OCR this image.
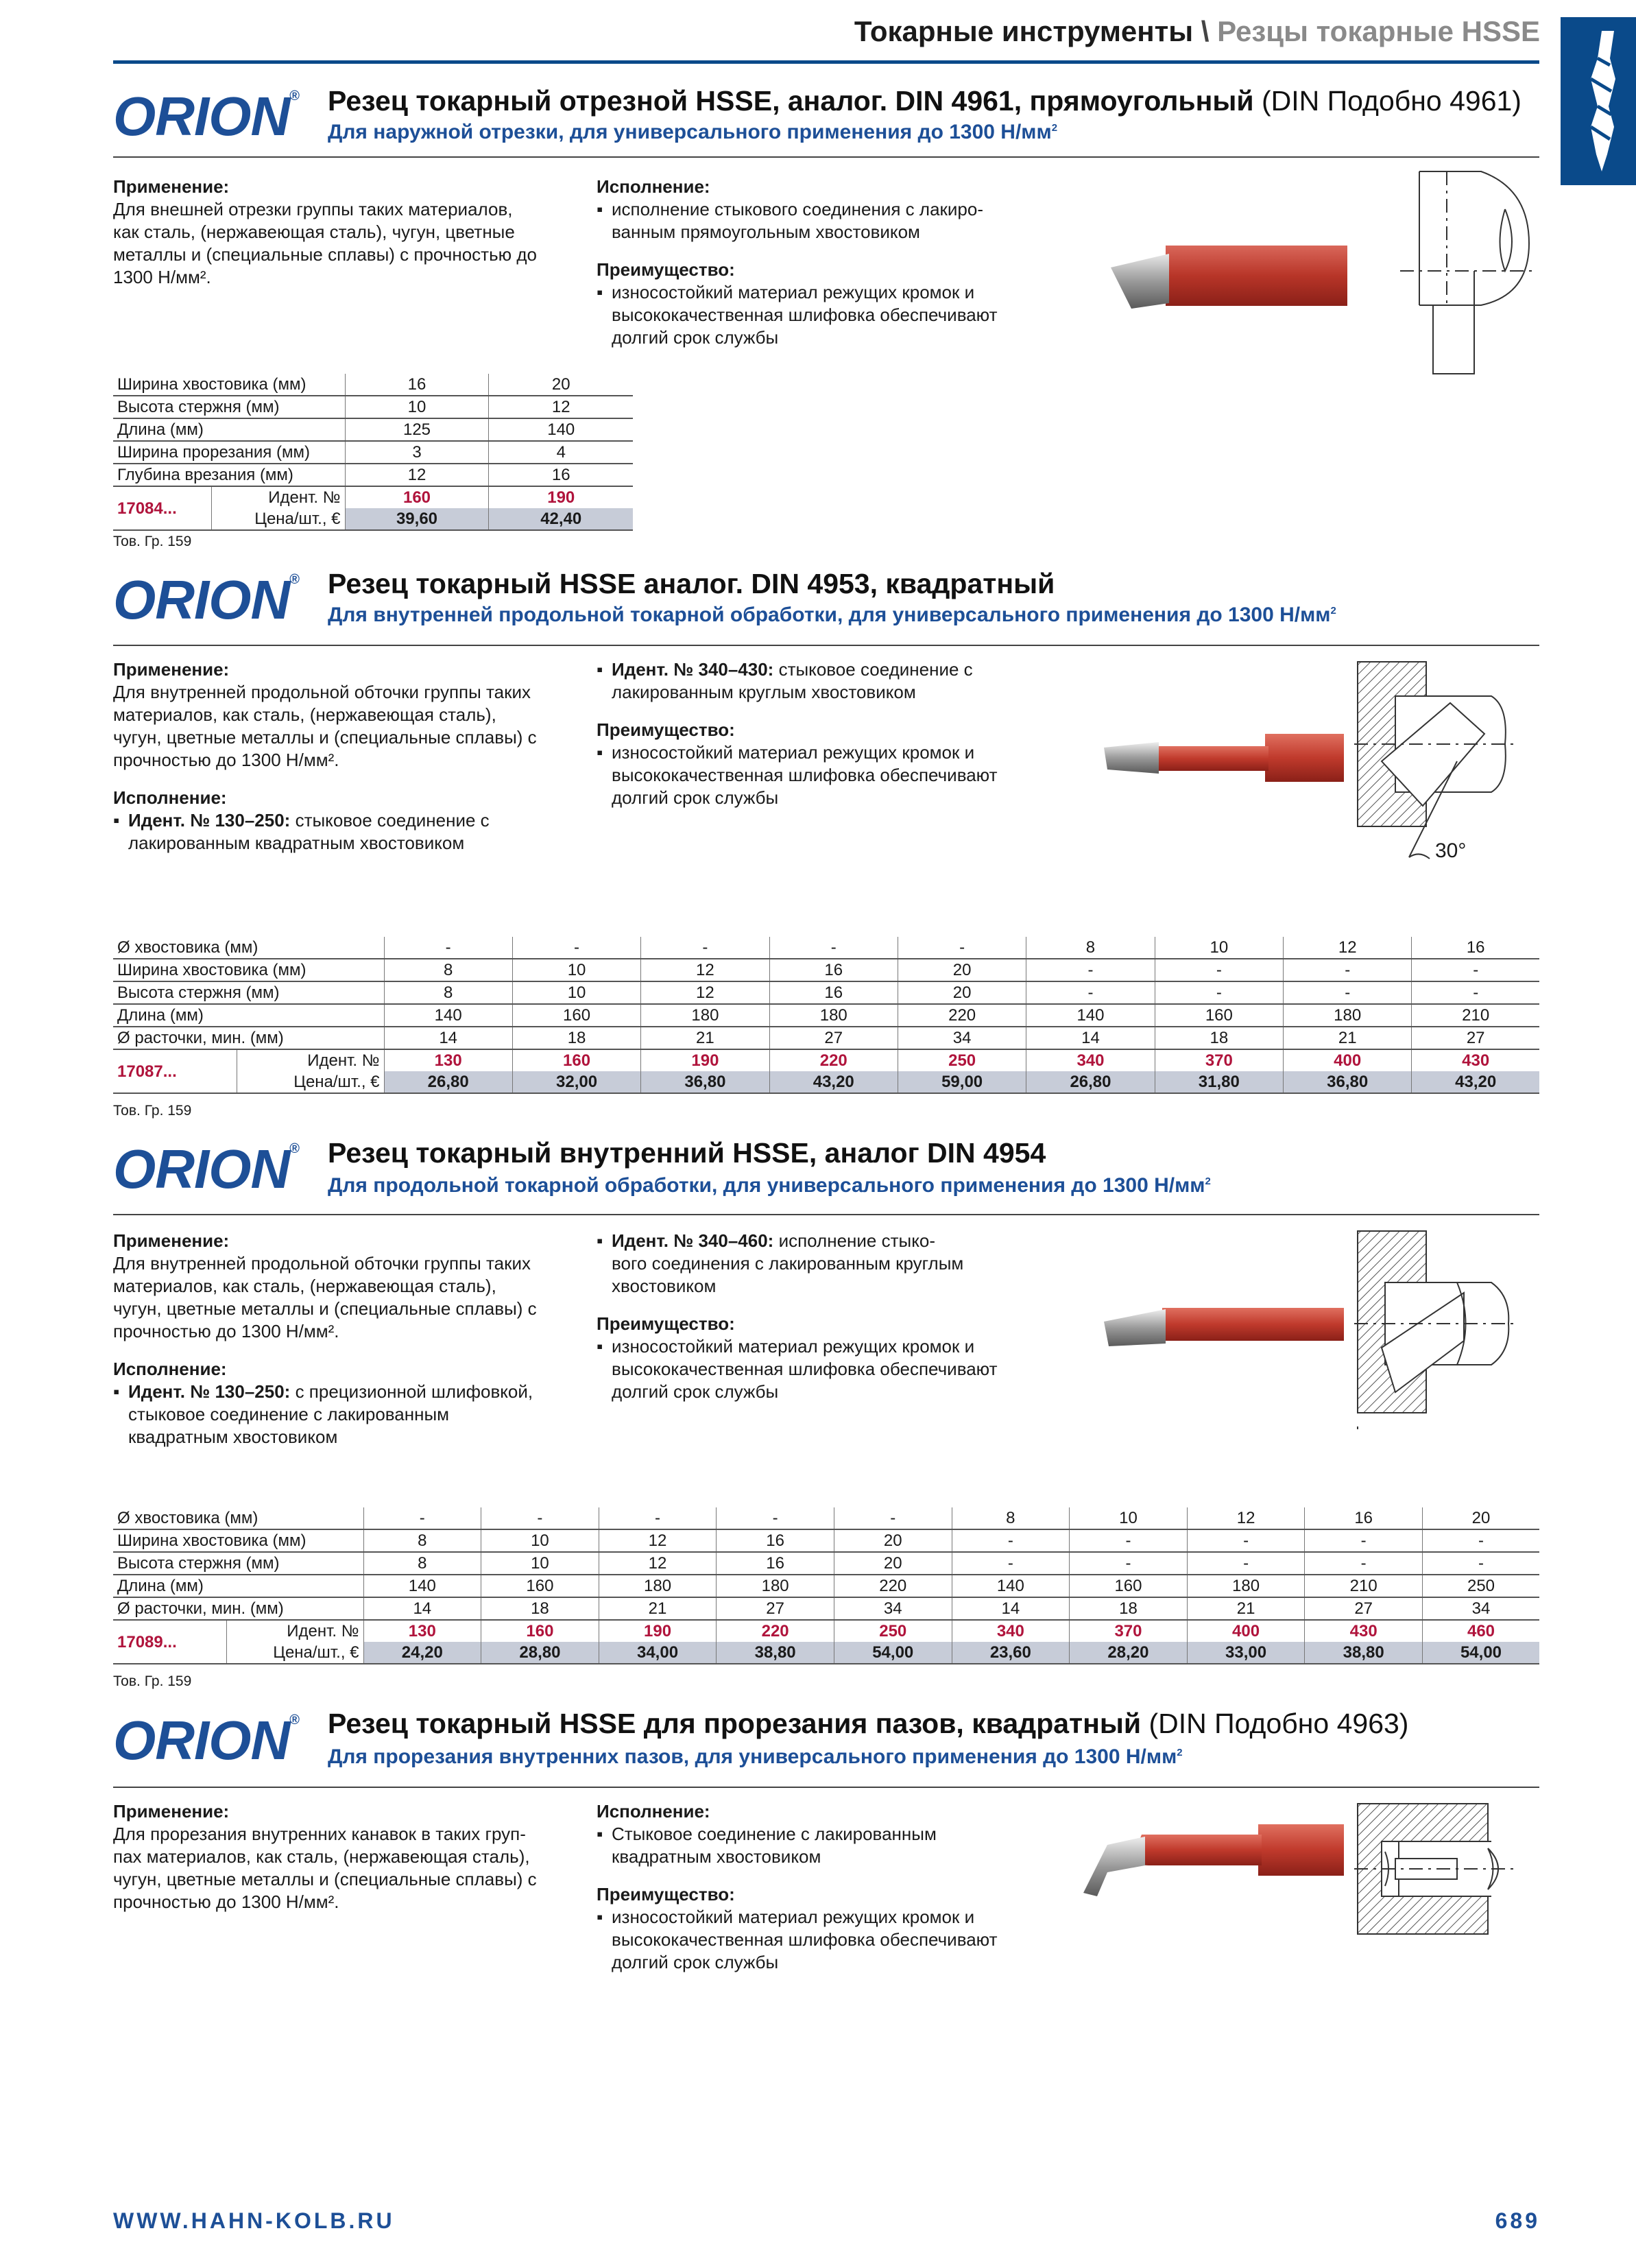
Токарные инструменты \ Резцы токарные HSSE
ORION® Резец токарный отрезной HSSE, аналог. DIN 4961, прямоугольный (DIN Подобно 4961)
Для наружной отрезки, для универсального применения до 1300 $Н/мм^2$
Применение:

Для внешней отрезки группы таких материалов,

как сталь, (нержавеющая сталь), чугун, цветные

металлы и (специальные сплавы) с прочностью до

1300 Н/мм².

Исполнение:

▪ исполнение стыкового соединения с лакиро-

ванным прямоугольным хвостовиком

Преимущество:

▪ износостойкий материал режущих кромок и

высококачественная шлифовка обеспечивают

долгий срок службы

Ширина хвостовика (мм)		16	20
Высота стержня (мм)		10	12
Длина (мм)		125	140
Ширина прорезания (мм)		3	4
Глубина врезания (мм)		12	16
17084...	Идент. №	160	190
	Цена/шт., €	39,60	42,40
Тов. Гр. 159
ORION® Резец токарный HSSE аналог. DIN 4953, квадратный
Для внутренней продольной токарной обработки, для универсального применения до 1300 $Н/мм^2$
Применение:

Для внутренней продольной обточки группы таких

материалов, как сталь, (нержавеющая сталь),

чугун, цветные металлы и (специальные сплавы) с

прочностью до 1300 Н/мм².

Исполнение:

▪ Идент. № 130–250: стыковое соединение с

лакированным квадратным хвостовиком

▪ Идент. № 340–430: стыковое соединение с

лакированным круглым хвостовиком

Преимущество:

▪ износостойкий материал режущих кромок и

высококачественная шлифовка обеспечивают

долгий срок службы

30°
Ø хвостовика (мм)		-	-	-	-	-	8	10	12	16
Ширина хвостовика (мм)		8	10	12	16	20	-	-	-	-
Высота стержня (мм)		8	10	12	16	20	-	-	-	-
Длина (мм)		140	160	180	180	220	140	160	180	210
Ø расточки, мин. (мм)		14	18	21	27	34	14	18	21	27
17087...	Идент. №	130	160	190	220	250	340	370	400	430
	Цена/шт., €	26,80	32,00	36,80	43,20	59,00	26,80	31,80	36,80	43,20
Тов. Гр. 159
ORION® Резец токарный внутренний HSSE, аналог DIN 4954
Для продольной токарной обработки, для универсального применения до 1300 $Н/мм^2$
Применение:

Для внутренней продольной обточки группы таких

материалов, как сталь, (нержавеющая сталь),

чугун, цветные металлы и (специальные сплавы) с

прочностью до 1300 Н/мм².

Исполнение:

▪ Идент. № 130–250: с прецизионной шлифовкой,

стыковое соединение с лакированным

квадратным хвостовиком

▪ Идент. № 340–460: исполнение стыко-

вого соединения с лакированным круглым

хвостовиком

Преимущество:

▪ износостойкий материал режущих кромок и

высококачественная шлифовка обеспечивают

долгий срок службы

Ø хвостовика (мм)		-	-	-	-	-	8	10	12	16	20
Ширина хвостовика (мм)		8	10	12	16	20	-	-	-	-	-
Высота стержня (мм)		8	10	12	16	20	-	-	-	-	-
Длина (мм)		140	160	180	180	220	140	160	180	210	250
Ø расточки, мин. (мм)		14	18	21	27	34	14	18	21	27	34
17089...	Идент. №	130	160	190	220	250	340	370	400	430	460
	Цена/шт., €	24,20	28,80	34,00	38,80	54,00	23,60	28,20	33,00	38,80	54,00
Тов. Гр. 159
ORION® Резец токарный HSSE для прорезания пазов, квадратный (DIN Подобно 4963)
Для прорезания внутренних пазов, для универсального применения до 1300 $Н/мм^2$
Применение:

Для прорезания внутренних канавок в таких груп-

пах материалов, как сталь, (нержавеющая сталь),

чугун, цветные металлы и (специальные сплавы) с

прочностью до 1300 Н/мм².

Исполнение:

▪ Стыковое соединение с лакированным

квадратным хвостовиком

Преимущество:

▪ износостойкий материал режущих кромок и

высококачественная шлифовка обеспечивают

долгий срок службы

WWW.HAHN-KOLB.RU	689
